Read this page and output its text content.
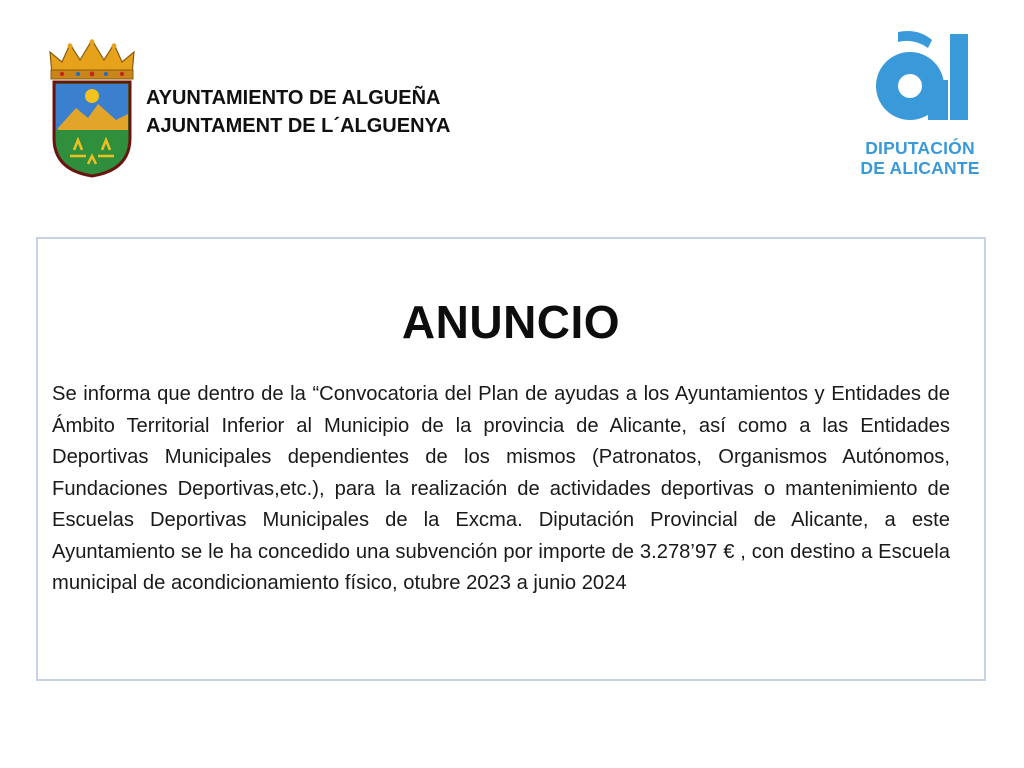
AYUNTAMIENTO DE ALGUEÑA
AJUNTAMENT DE L´ALGUENYA
DIPUTACIÓN
DE ALICANTE
ANUNCIO
Se informa que dentro de la “Convocatoria del Plan de ayudas a los Ayuntamientos y Entidades de Ámbito Territorial Inferior al Municipio de la provincia de Alicante, así como a las Entidades Deportivas Municipales dependientes de los mismos (Patronatos, Organismos Autónomos, Fundaciones Deportivas,etc.), para la realización de actividades deportivas o mantenimiento de Escuelas Deportivas Municipales de la Excma. Diputación Provincial de Alicante, a este Ayuntamiento se le ha concedido una subvención por importe de 3.278’97 € , con destino a Escuela municipal de acondicionamiento físico, otubre 2023 a junio 2024
